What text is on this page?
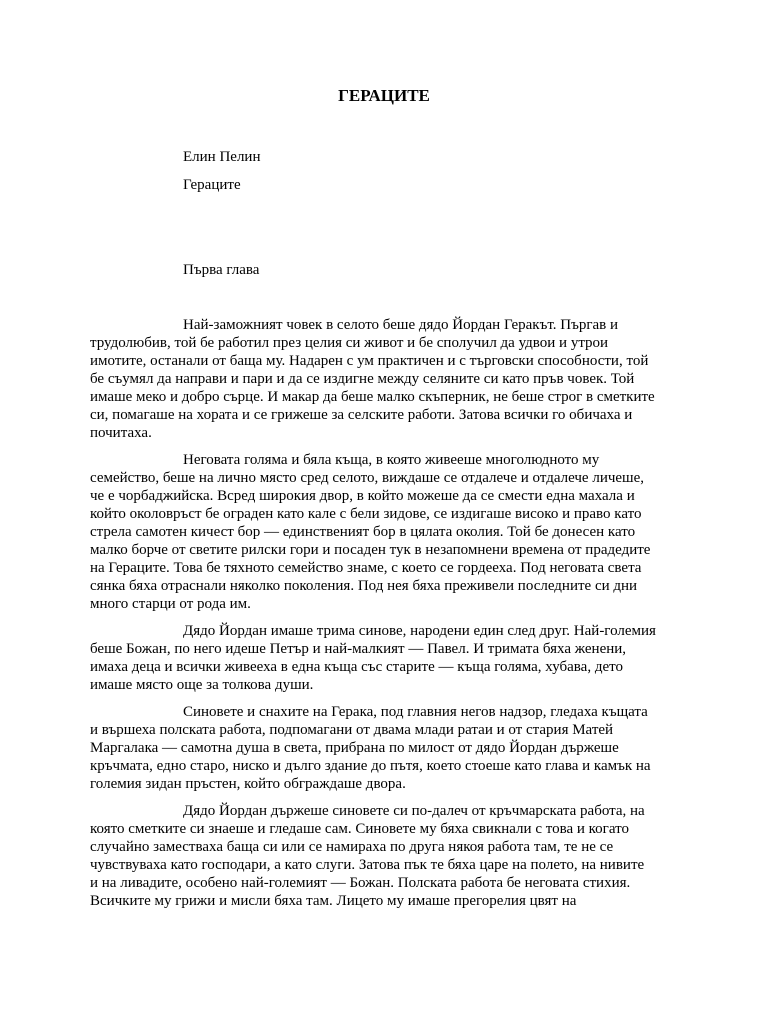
ГЕРАЦИТЕ
Елин Пелин
Гераците
Първа глава

Най-заможният човек в селото беше дядо Йордан Геракът. Пъргав и
трудолюбив, той бе работил през целия си живот и бе сполучил да удвои и утрои
имотите, останали от баща му. Надарен с ум практичен и с търговски способности, той
бе съумял да направи и пари и да се издигне между селяните си като пръв човек. Той
имаше меко и добро сърце. И макар да беше малко скъперник, не беше строг в сметките
си, помагаше на хората и се грижеше за селските работи. Затова всички го обичаха и
почитаха.

Неговата голяма и бяла къща, в която живееше многолюдното му
семейство, беше на лично място сред селото, виждаше се отдалече и отдалече личеше,
че е чорбаджийска. Всред широкия двор, в който можеше да се смести една махала и
който околовръст бе ограден като кале с бели зидове, се издигаше високо и право като
стрела самотен кичест бор — единственият бор в цялата околия. Той бе донесен като
малко борче от светите рилски гори и посаден тук в незапомнени времена от прадедите
на Гераците. Това бе тяхното семейство знаме, с което се гордееха. Под неговата света
сянка бяха отраснали няколко поколения. Под нея бяха преживели последните си дни
много старци от рода им.

Дядо Йордан имаше трима синове, народени един след друг. Най-големия
беше Божан, по него идеше Петър и най-малкият — Павел. И тримата бяха женени,
имаха деца и всички живееха в една къща със старите — къща голяма, хубава, дето
имаше място още за толкова души.

Синовете и снахите на Герака, под главния негов надзор, гледаха къщата
и вършеха полската работа, подпомагани от двама млади ратаи и от стария Матей
Маргалака — самотна душа в света, прибрана по милост от дядо Йордан държеше
кръчмата, едно старо, ниско и дълго здание до пътя, което стоеше като глава и камък на
големия зидан пръстен, който обграждаше двора.

Дядо Йордан държеше синовете си по-далеч от кръчмарската работа, на
която сметките си знаеше и гледаше сам. Синовете му бяха свикнали с това и когато
случайно заместваха баща си или се намираха по друга някоя работа там, те не се
чувствуваха като господари, а като слуги. Затова пък те бяха царе на полето, на нивите
и на ливадите, особено най-големият — Божан. Полската работа бе неговата стихия.
Всичките му грижи и мисли бяха там. Лицето му имаше прегорелия цвят на
